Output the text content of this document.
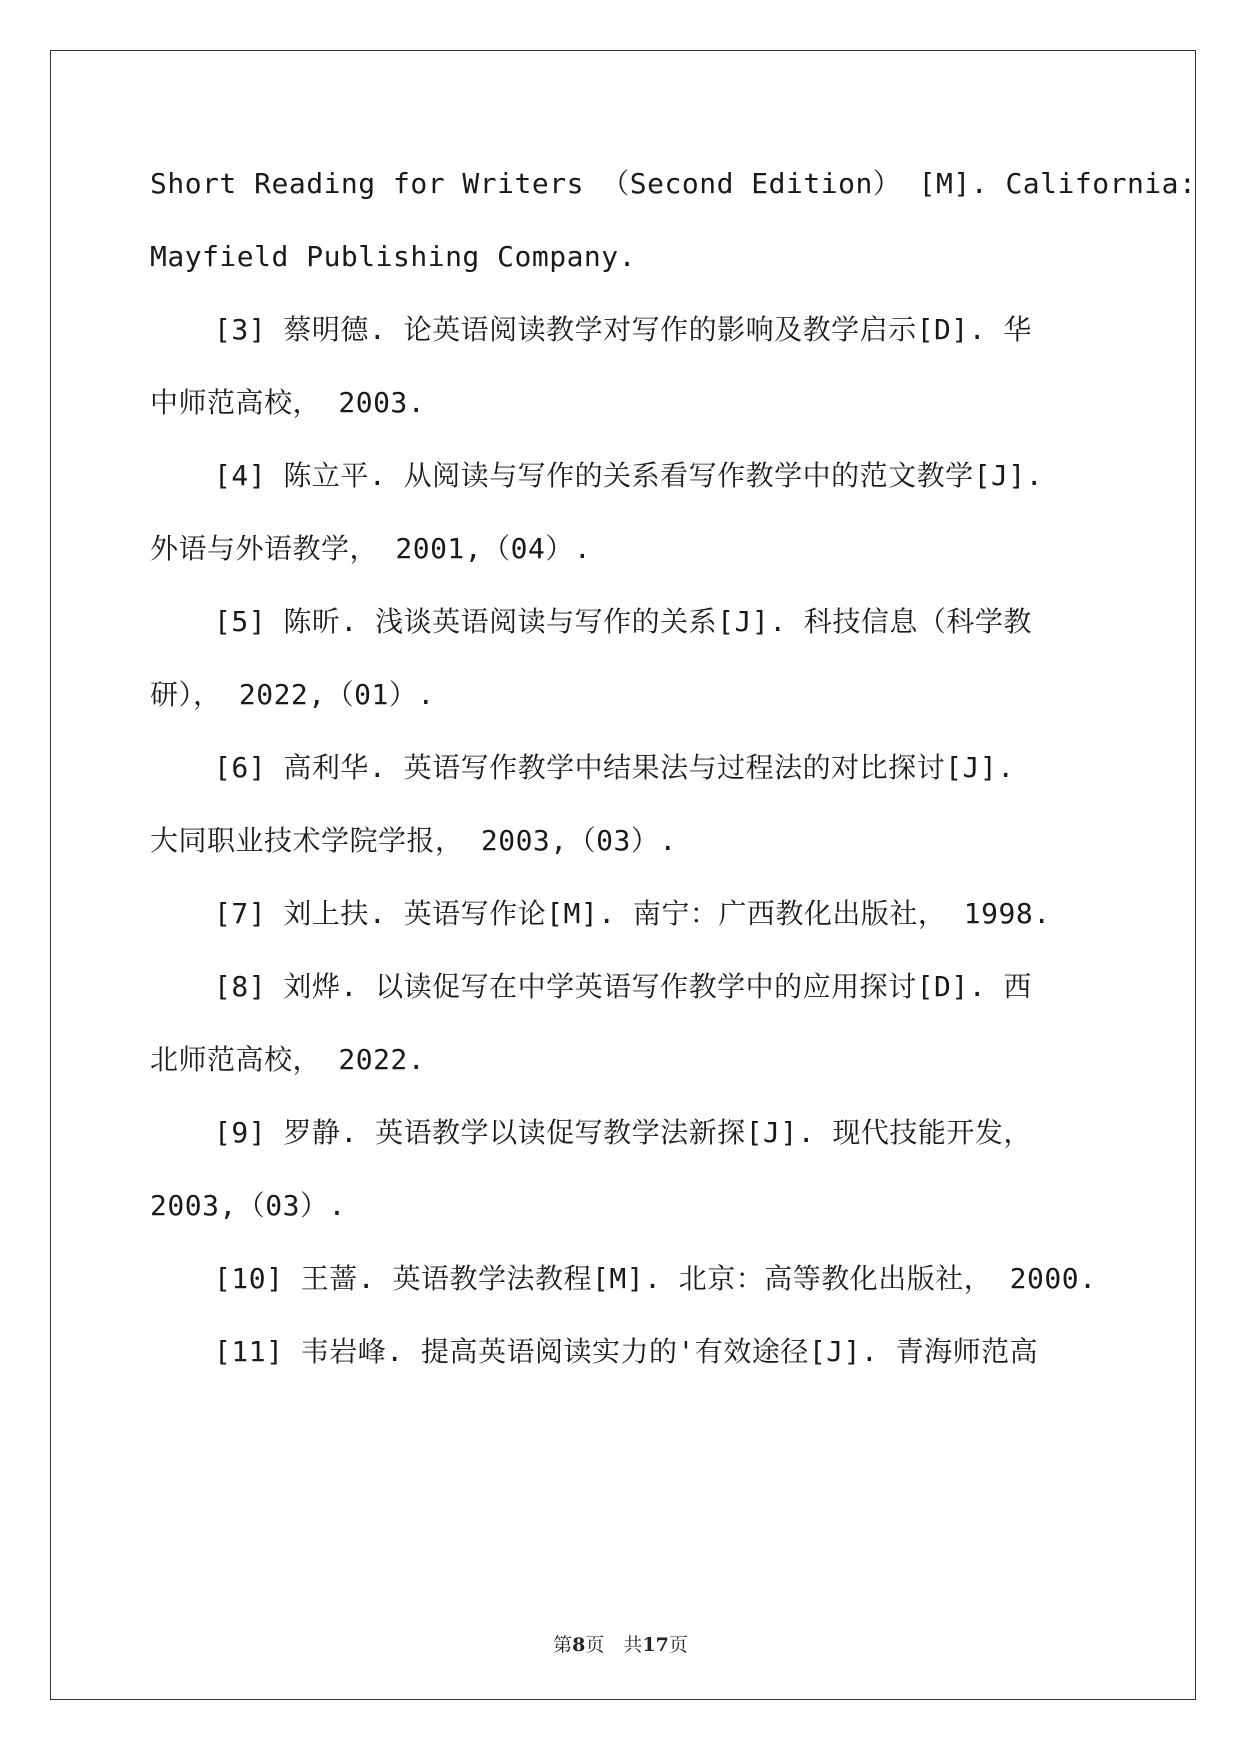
Short Reading for Writers （Second Edition） [M]. California:
Mayfield Publishing Company.
[3] 蔡明德. 论英语阅读教学对写作的影响及教学启示[D]. 华
中师范高校， 2003.
[4] 陈立平. 从阅读与写作的关系看写作教学中的范文教学[J].
外语与外语教学， 2001,（04）.
[5] 陈昕. 浅谈英语阅读与写作的关系[J]. 科技信息（科学教
研）， 2022,（01）.
[6] 高利华. 英语写作教学中结果法与过程法的对比探讨[J].
大同职业技术学院学报， 2003,（03）.
[7] 刘上扶. 英语写作论[M]. 南宁：广西教化出版社， 1998.
[8] 刘烨. 以读促写在中学英语写作教学中的应用探讨[D]. 西
北师范高校， 2022.
[9] 罗静. 英语教学以读促写教学法新探[J]. 现代技能开发，
2003,（03）.
[10] 王蔷. 英语教学法教程[M]. 北京：高等教化出版社， 2000.
[11] 韦岩峰. 提高英语阅读实力的'有效途径[J]. 青海师范高
第8页　共17页
